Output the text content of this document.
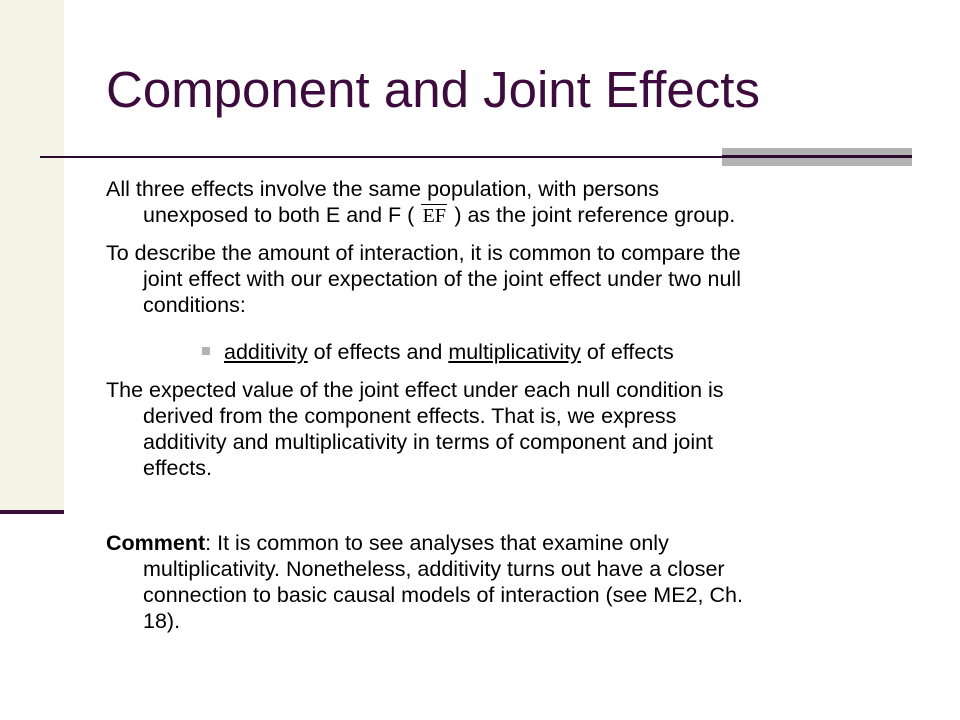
Component and Joint Effects
All three effects involve the same population, with persons
unexposed to both E and F ( EF ) as the joint reference group.
To describe the amount of interaction, it is common to compare the
joint effect with our expectation of the joint effect under two null
conditions:
additivity of effects and multiplicativity of effects
The expected value of the joint effect under each null condition is
derived from the component effects. That is, we express
additivity and multiplicativity in terms of component and joint
effects.
Comment: It is common to see analyses that examine only
multiplicativity. Nonetheless, additivity turns out have a closer
connection to basic causal models of interaction (see ME2, Ch.
18).
